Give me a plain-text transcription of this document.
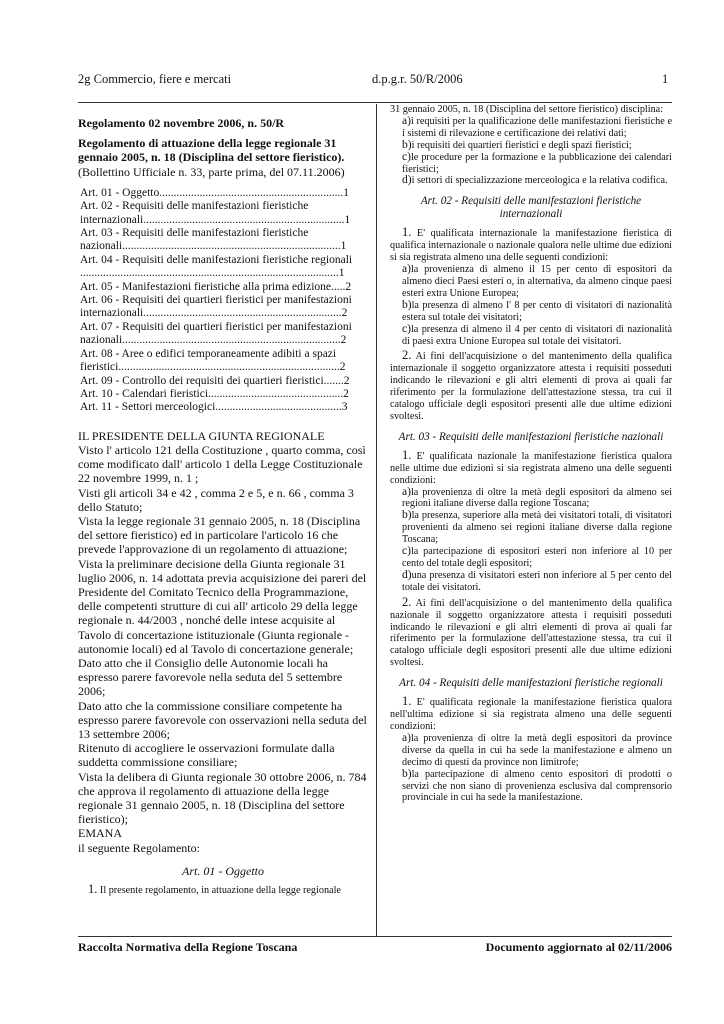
2g Commercio, fiere e mercati	d.p.g.r. 50/R/2006	1

Regolamento 02 novembre 2006, n. 50/R

Regolamento di attuazione della legge regionale 31 gennaio 2005, n. 18 (Disciplina del settore fieristico).

(Bollettino Ufficiale n. 33, parte prima, del 07.11.2006)

Art. 01 - Oggetto................................................................1
Art. 02 - Requisiti delle manifestazioni fieristiche internazionali......................................................................1
Art. 03 - Requisiti delle manifestazioni fieristiche nazionali............................................................................1
Art. 04 - Requisiti delle manifestazioni fieristiche regionali ..........................................................................................1
Art. 05 - Manifestazioni fieristiche alla prima edizione.....2
Art. 06 - Requisiti dei quartieri fieristici per manifestazioni internazionali.....................................................................2
Art. 07 - Requisiti dei quartieri fieristici per manifestazioni nazionali............................................................................2
Art. 08 - Aree o edifici temporaneamente adibiti a spazi fieristici.............................................................................2
Art. 09 - Controllo dei requisiti dei quartieri fieristici.......2
Art. 10 - Calendari fieristici...............................................2
Art. 11 - Settori merceologici............................................3

IL PRESIDENTE DELLA GIUNTA REGIONALE

Visto l' articolo 121 della Costituzione , quarto comma, così come modificato dall' articolo 1 della Legge Costituzionale 22 novembre 1999, n. 1 ;

Visti gli articoli 34 e 42 , comma 2 e 5, e n. 66 , comma 3 dello Statuto;

Vista la legge regionale 31 gennaio 2005, n. 18 (Disciplina del settore fieristico) ed in particolare l'articolo 16 che prevede l'approvazione di un regolamento di attuazione;

Vista la preliminare decisione della Giunta regionale 31 luglio 2006, n. 14 adottata previa acquisizione dei pareri del Presidente del Comitato Tecnico della Programmazione, delle competenti strutture di cui all' articolo 29 della legge regionale n. 44/2003 , nonché delle intese acquisite al Tavolo di concertazione istituzionale (Giunta regionale - autonomie locali) ed al Tavolo di concertazione generale;

Dato atto che il Consiglio delle Autonomie locali ha espresso parere favorevole nella seduta del 5 settembre 2006;

Dato atto che la commissione consiliare competente ha espresso parere favorevole con osservazioni nella seduta del 13 settembre 2006;

Ritenuto di accogliere le osservazioni formulate dalla suddetta commissione consiliare;

Vista la delibera di Giunta regionale 30 ottobre 2006, n. 784 che approva il regolamento di attuazione della legge regionale 31 gennaio 2005, n. 18 (Disciplina del settore fieristico);

EMANA

il seguente Regolamento:

Art. 01 - Oggetto

1. Il presente regolamento, in attuazione della legge regionale

31 gennaio 2005, n. 18 (Disciplina del settore fieristico) disciplina:

a)i requisiti per la qualificazione delle manifestazioni fieristiche e i sistemi di rilevazione e certificazione dei relativi dati;

b)i requisiti dei quartieri fieristici e degli spazi fieristici;

c)le procedure per la formazione e la pubblicazione dei calendari fieristici;

d)i settori di specializzazione merceologica e la relativa codifica.

Art. 02 - Requisiti delle manifestazioni fieristiche internazionali

1. E' qualificata internazionale la manifestazione fieristica di qualifica internazionale o nazionale qualora nelle ultime due edizioni si sia registrata almeno una delle seguenti condizioni:

a)la provenienza di almeno il 15 per cento di espositori da almeno dieci Paesi esteri o, in alternativa, da almeno cinque paesi esteri extra Unione Europea;

b)la presenza di almeno l' 8 per cento di visitatori di nazionalità estera sul totale dei visitatori;

c)la presenza di almeno il 4 per cento di visitatori di nazionalità di paesi extra Unione Europea sul totale dei visitatori.

2. Ai fini dell'acquisizione o del mantenimento della qualifica internazionale il soggetto organizzatore attesta i requisiti posseduti indicando le rilevazioni e gli altri elementi di prova ai quali far riferimento per la formulazione dell'attestazione stessa, tra cui il catalogo ufficiale degli espositori presenti alle due ultime edizioni svoltesi.

Art. 03 - Requisiti delle manifestazioni fieristiche nazionali

1. E' qualificata nazionale la manifestazione fieristica qualora nelle ultime due edizioni si sia registrata almeno una delle seguenti condizioni:

a)la provenienza di oltre la metà degli espositori da almeno sei regioni italiane diverse dalla regione Toscana;

b)la presenza, superiore alla metà dei visitatori totali, di visitatori provenienti da almeno sei regioni italiane diverse dalla regione Toscana;

c)la partecipazione di espositori esteri non inferiore al 10 per cento del totale degli espositori;

d)una presenza di visitatori esteri non inferiore al 5 per cento del totale dei visitatori.

2. Ai fini dell'acquisizione o del mantenimento della qualifica nazionale il soggetto organizzatore attesta i requisiti posseduti indicando le rilevazioni e gli altri elementi di prova ai quali far riferimento per la formulazione dell'attestazione stessa, tra cui il catalogo ufficiale degli espositori presenti alle due ultime edizioni svoltesi.

Art. 04 - Requisiti delle manifestazioni fieristiche regionali

1. E' qualificata regionale la manifestazione fieristica qualora nell'ultima edizione si sia registrata almeno una delle seguenti condizioni:

a)la provenienza di oltre la metà degli espositori da province diverse da quella in cui ha sede la manifestazione e almeno un decimo di questi da province non limitrofe;

b)la partecipazione di almeno cento espositori di prodotti o servizi che non siano di provenienza esclusiva dal comprensorio provinciale in cui ha sede la manifestazione.

Raccolta Normativa della Regione Toscana	Documento aggiornato al 02/11/2006
